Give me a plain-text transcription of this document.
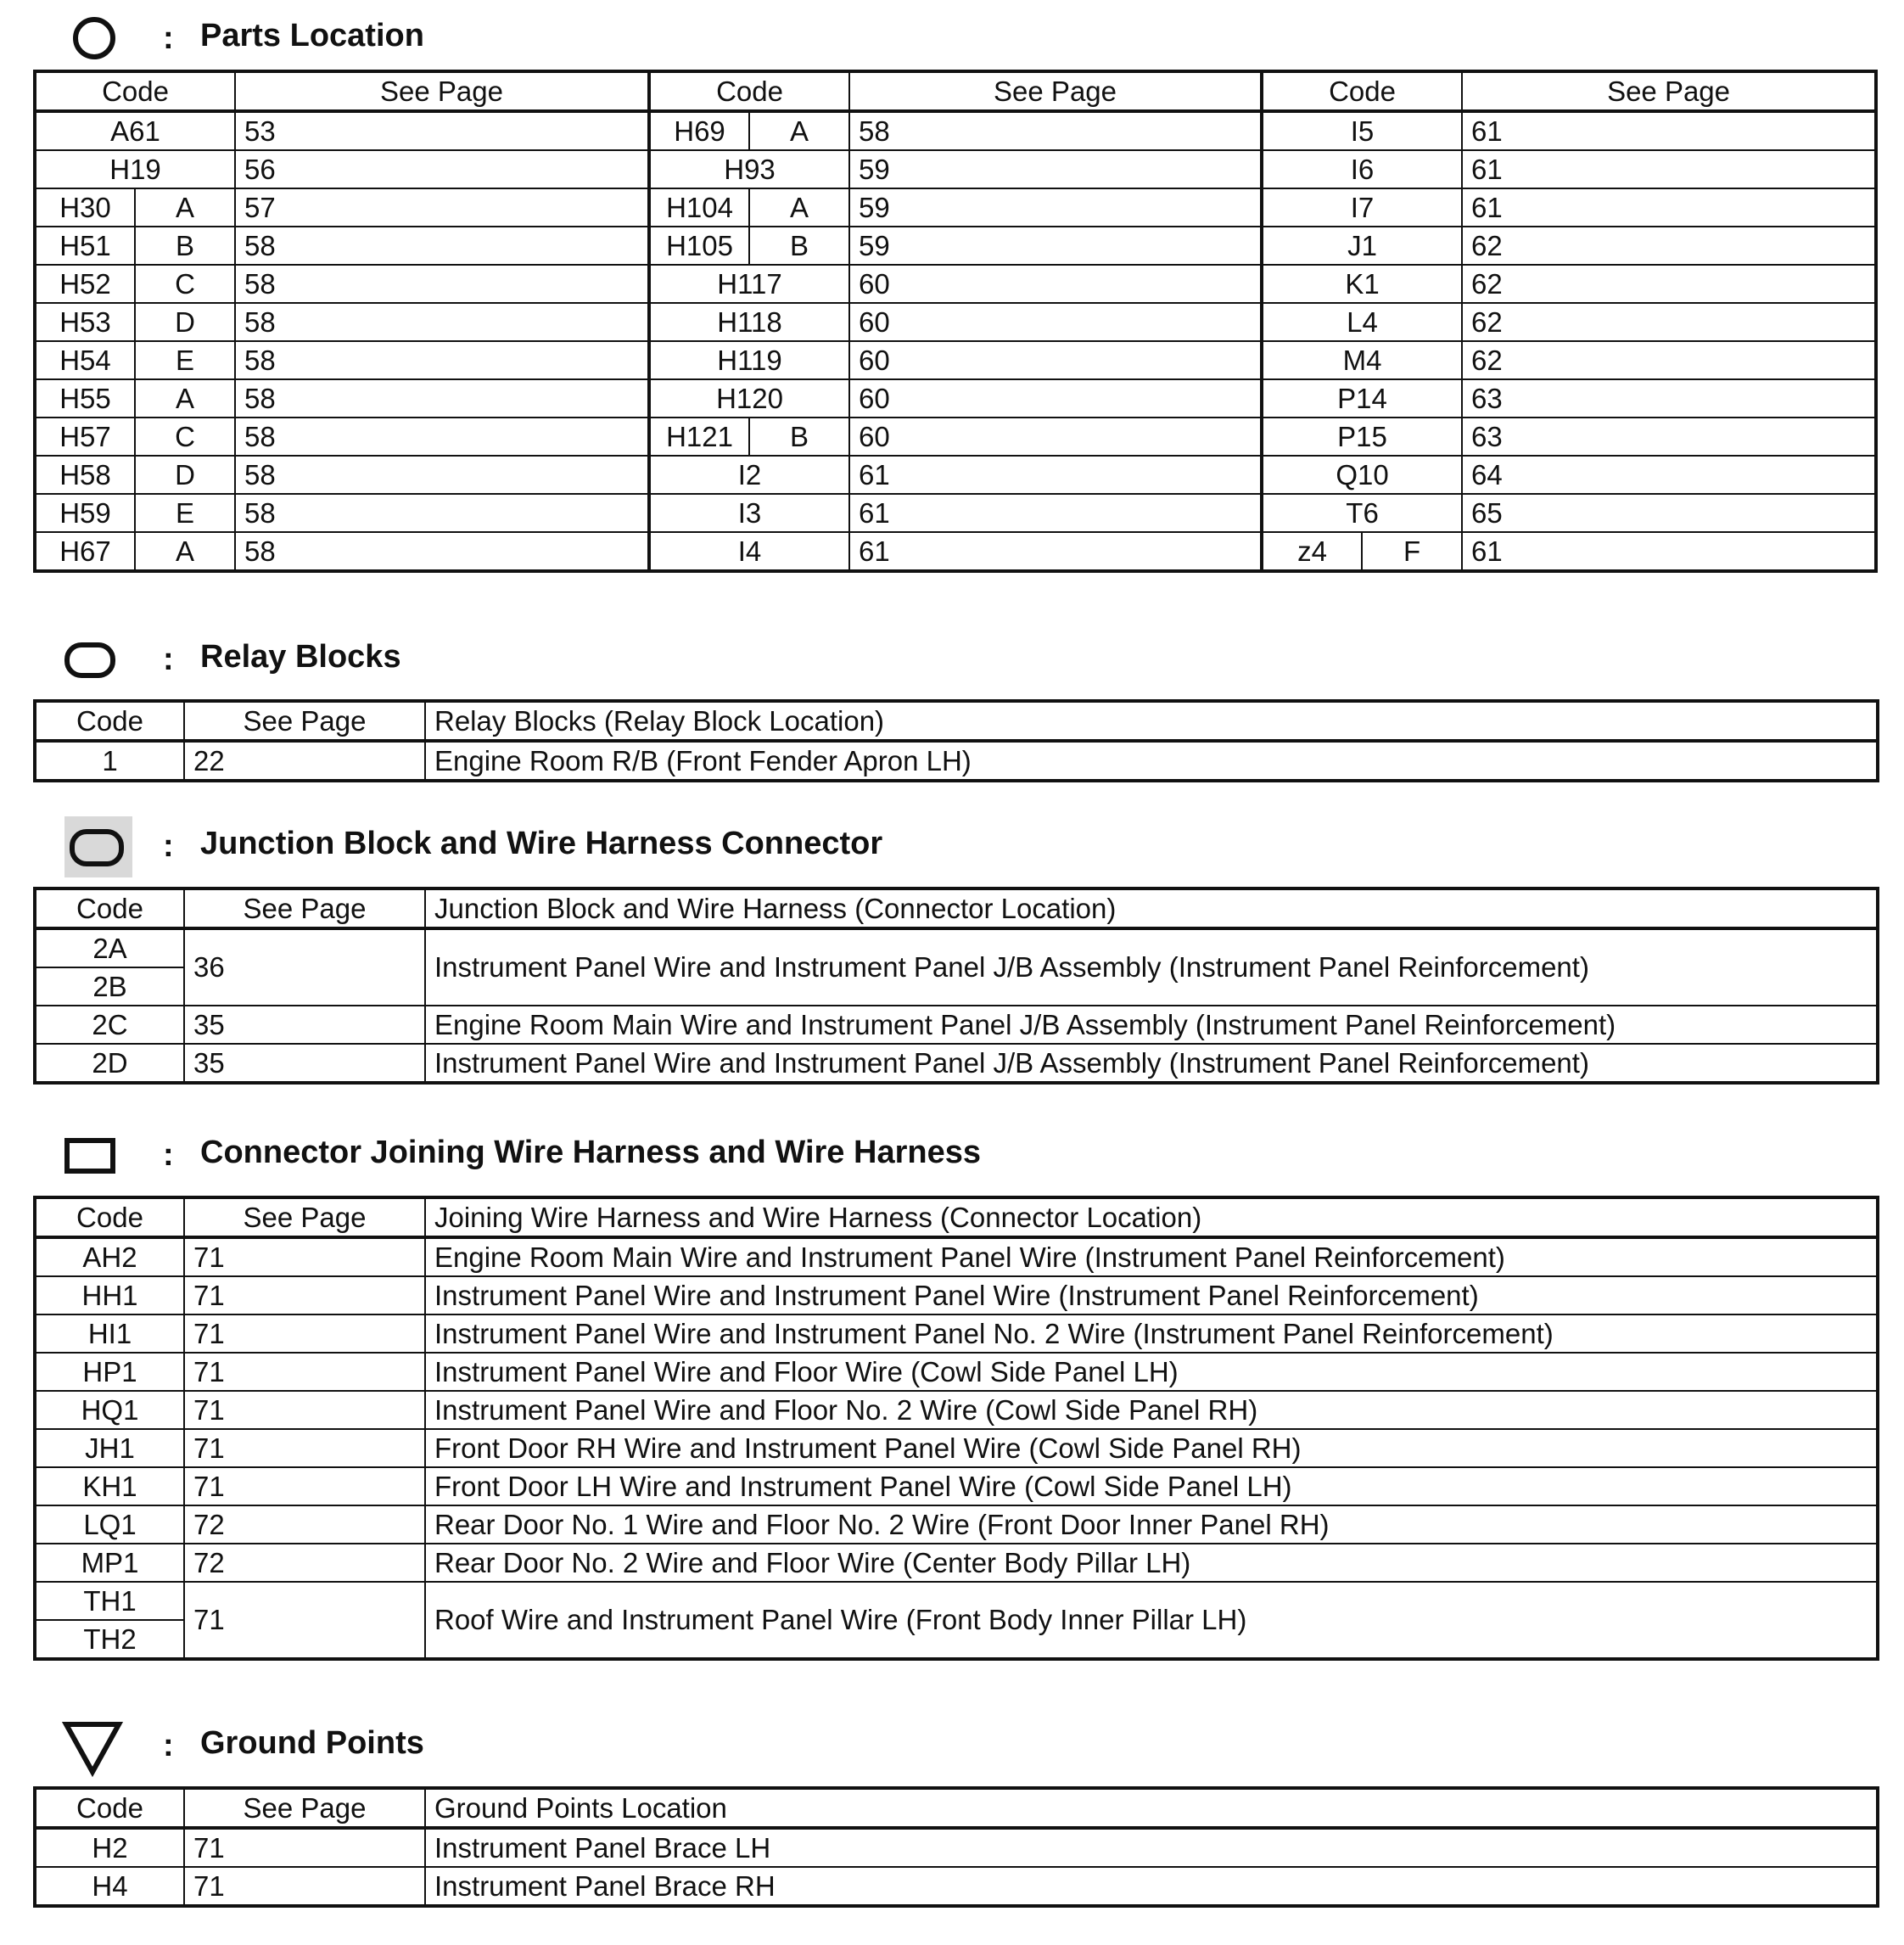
: Parts Location
Code		See Page	Code		See Page	Code		See Page
A61		53	H69	A	58	I5		61
H19		56	H93		59	I6		61
H30	A	57	H104	A	59	I7		61
H51	B	58	H105	B	59	J1		62
H52	C	58	H117		60	K1		62
H53	D	58	H118		60	L4		62
H54	E	58	H119		60	M4		62
H55	A	58	H120		60	P14		63
H57	C	58	H121	B	60	P15		63
H58	D	58	I2		61	Q10		64
H59	E	58	I3		61	T6		65
H67	A	58	I4		61	z4	F	61
: Relay Blocks
Code	See Page	Relay Blocks (Relay Block Location)
1	22	Engine Room R/B (Front Fender Apron LH)
: Junction Block and Wire Harness Connector
Code	See Page	Junction Block and Wire Harness (Connector Location)
2A	36	Instrument Panel Wire and Instrument Panel J/B Assembly (Instrument Panel Reinforcement)
2B		
2C	35	Engine Room Main Wire and Instrument Panel J/B Assembly (Instrument Panel Reinforcement)
2D	35	Instrument Panel Wire and Instrument Panel J/B Assembly (Instrument Panel Reinforcement)
: Connector Joining Wire Harness and Wire Harness
Code	See Page	Joining Wire Harness and Wire Harness (Connector Location)
AH2	71	Engine Room Main Wire and Instrument Panel Wire (Instrument Panel Reinforcement)
HH1	71	Instrument Panel Wire and Instrument Panel Wire (Instrument Panel Reinforcement)
HI1	71	Instrument Panel Wire and Instrument Panel No. 2 Wire (Instrument Panel Reinforcement)
HP1	71	Instrument Panel Wire and Floor Wire (Cowl Side Panel LH)
HQ1	71	Instrument Panel Wire and Floor No. 2 Wire (Cowl Side Panel RH)
JH1	71	Front Door RH Wire and Instrument Panel Wire (Cowl Side Panel RH)
KH1	71	Front Door LH Wire and Instrument Panel Wire (Cowl Side Panel LH)
LQ1	72	Rear Door No. 1 Wire and Floor No. 2 Wire (Front Door Inner Panel RH)
MP1	72	Rear Door No. 2 Wire and Floor Wire (Center Body Pillar LH)
TH1	71	Roof Wire and Instrument Panel Wire (Front Body Inner Pillar LH)
TH2		
: Ground Points
Code	See Page	Ground Points Location
H2	71	Instrument Panel Brace LH
H4	71	Instrument Panel Brace RH
